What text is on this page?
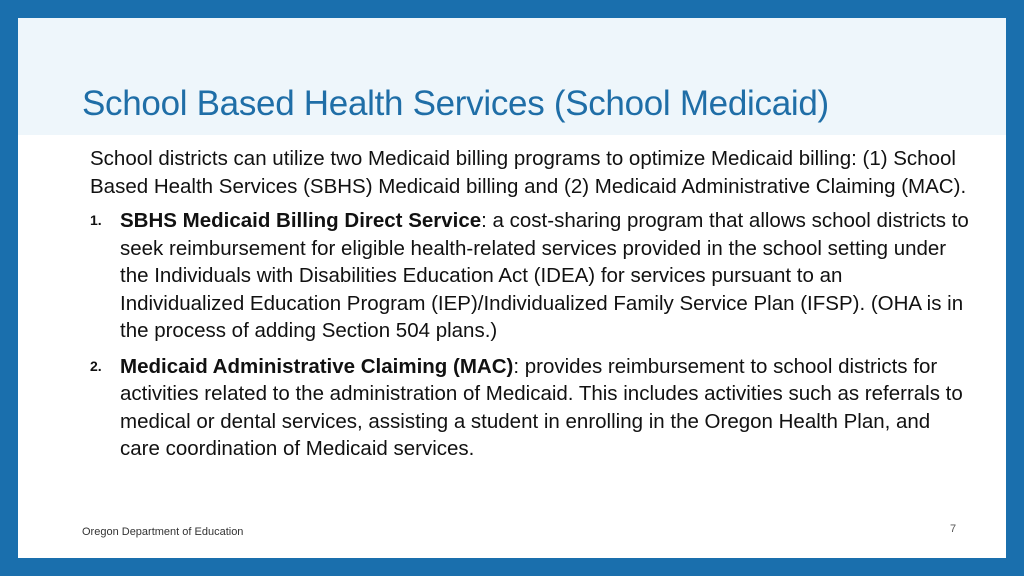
School Based Health Services (School Medicaid)

School districts can utilize two Medicaid billing programs to optimize Medicaid billing: (1) School Based Health Services (SBHS) Medicaid billing and (2) Medicaid Administrative Claiming (MAC).

1. SBHS Medicaid Billing Direct Service: a cost-sharing program that allows school districts to seek reimbursement for eligible health-related services provided in the school setting under the Individuals with Disabilities Education Act (IDEA) for services pursuant to an Individualized Education Program (IEP)/Individualized Family Service Plan (IFSP). (OHA is in the process of adding Section 504 plans.)
2. Medicaid Administrative Claiming (MAC): provides reimbursement to school districts for activities related to the administration of Medicaid. This includes activities such as referrals to medical or dental services, assisting a student in enrolling in the Oregon Health Plan, and care coordination of Medicaid services.
Oregon Department of Education	7
